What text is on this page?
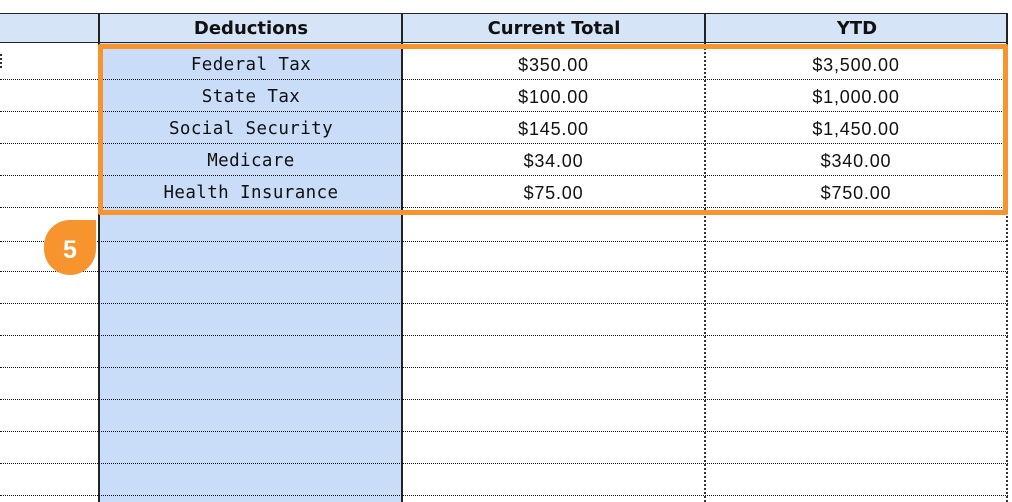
Deductions	Current Total	YTD
Federal Tax	$350.00	$3,500.00
State Tax	$100.00	$1,000.00
Social Security	$145.00	$1,450.00
Medicare	$34.00	$340.00
Health Insurance	$75.00	$750.00
5
